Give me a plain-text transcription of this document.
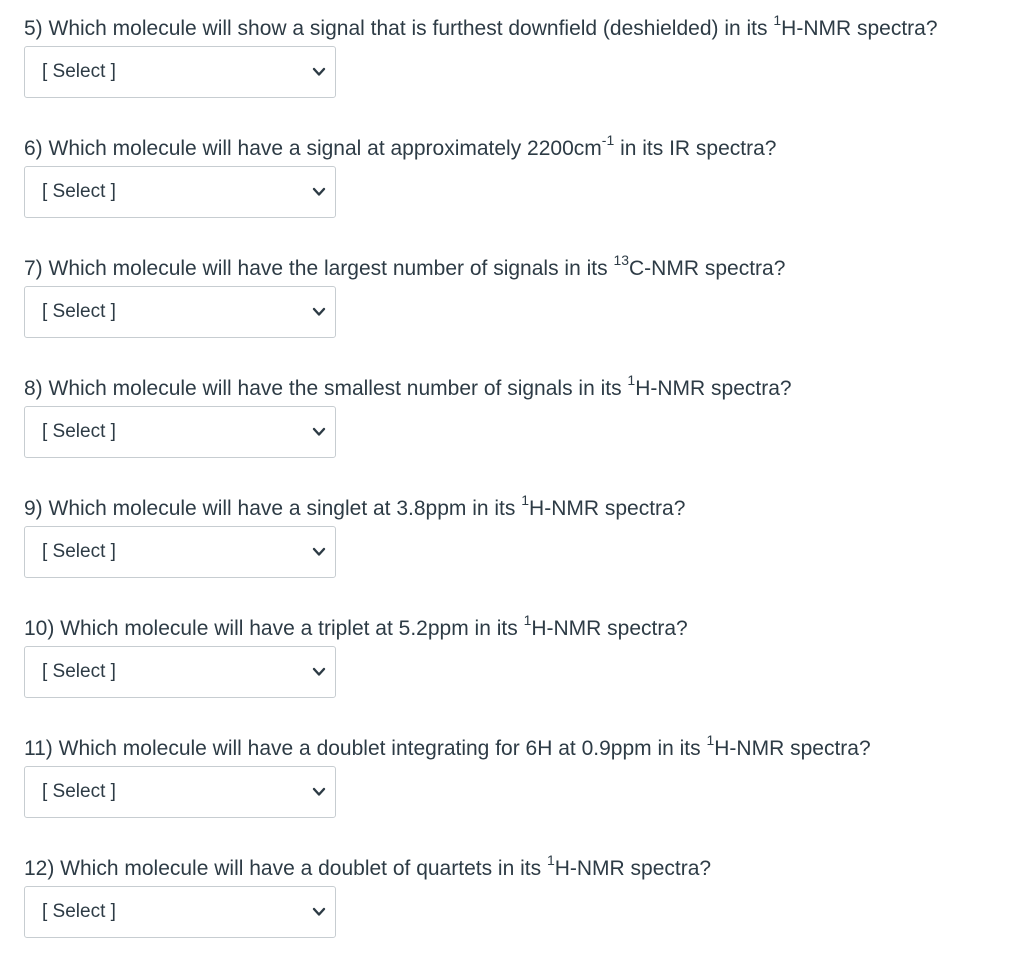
5) Which molecule will show a signal that is furthest downfield (deshielded) in its $^1$H-NMR spectra?
[ Select ]
6) Which molecule will have a signal at approximately $2200cm^{-1}$ in its IR spectra?
[ Select ]
7) Which molecule will have the largest number of signals in its $^{13}$C-NMR spectra?
[ Select ]
8) Which molecule will have the smallest number of signals in its $^1$H-NMR spectra?
[ Select ]
9) Which molecule will have a singlet at 3.8ppm in its $^1$H-NMR spectra?
[ Select ]
10) Which molecule will have a triplet at 5.2ppm in its $^1$H-NMR spectra?
[ Select ]
11) Which molecule will have a doublet integrating for 6H at 0.9ppm in its $^1$H-NMR spectra?
[ Select ]
12) Which molecule will have a doublet of quartets in its $^1$H-NMR spectra?
[ Select ]
